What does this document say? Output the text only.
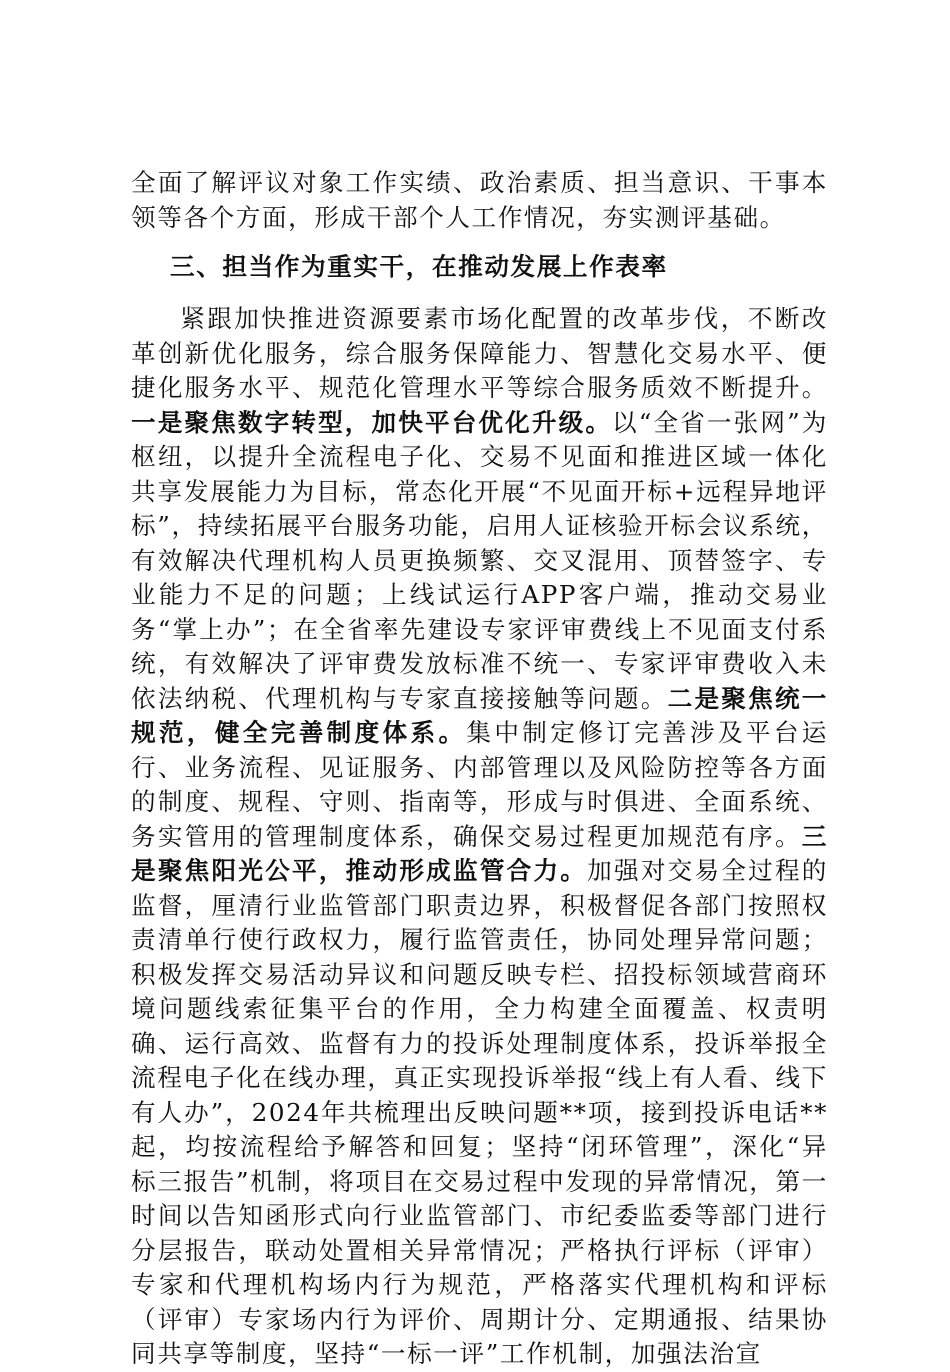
全面了解评议对象工作实绩、政治素质、担当意识、干事本领等各个方面，形成干部个人工作情况，夯实测评基础。

三、担当作为重实干，在推动发展上作表率

紧跟加快推进资源要素市场化配置的改革步伐，不断改革创新优化服务，综合服务保障能力、智慧化交易水平、便捷化服务水平、规范化管理水平等综合服务质效不断提升。一是聚焦数字转型，加快平台优化升级。以“全省一张网”为枢纽，以提升全流程电子化、交易不见面和推进区域一体化共享发展能力为目标，常态化开展“不见面开标+远程异地评标”，持续拓展平台服务功能，启用人证核验开标会议系统，有效解决代理机构人员更换频繁、交叉混用、顶替签字、专业能力不足的问题；上线试运行APP客户端，推动交易业务“掌上办”；在全省率先建设专家评审费线上不见面支付系统，有效解决了评审费发放标准不统一、专家评审费收入未依法纳税、代理机构与专家直接接触等问题。二是聚焦统一规范，健全完善制度体系。集中制定修订完善涉及平台运行、业务流程、见证服务、内部管理以及风险防控等各方面的制度、规程、守则、指南等，形成与时俱进、全面系统、务实管用的管理制度体系，确保交易过程更加规范有序。三是聚焦阳光公平，推动形成监管合力。加强对交易全过程的监督，厘清行业监管部门职责边界，积极督促各部门按照权责清单行使行政权力，履行监管责任，协同处理异常问题；积极发挥交易活动异议和问题反映专栏、招投标领域营商环境问题线索征集平台的作用，全力构建全面覆盖、权责明确、运行高效、监督有力的投诉处理制度体系，投诉举报全流程电子化在线办理，真正实现投诉举报“线上有人看、线下有人办”，2024年共梳理出反映问题**项，接到投诉电话**起，均按流程给予解答和回复；坚持“闭环管理”，深化“异标三报告”机制，将项目在交易过程中发现的异常情况，第一时间以告知函形式向行业监管部门、市纪委监委等部门进行分层报告，联动处置相关异常情况；严格执行评标（评审）专家和代理机构场内行为规范，严格落实代理机构和评标（评审）专家场内行为评价、周期计分、定期通报、结果协同共享等制度，坚持“一标一评”工作机制，加强法治宣
